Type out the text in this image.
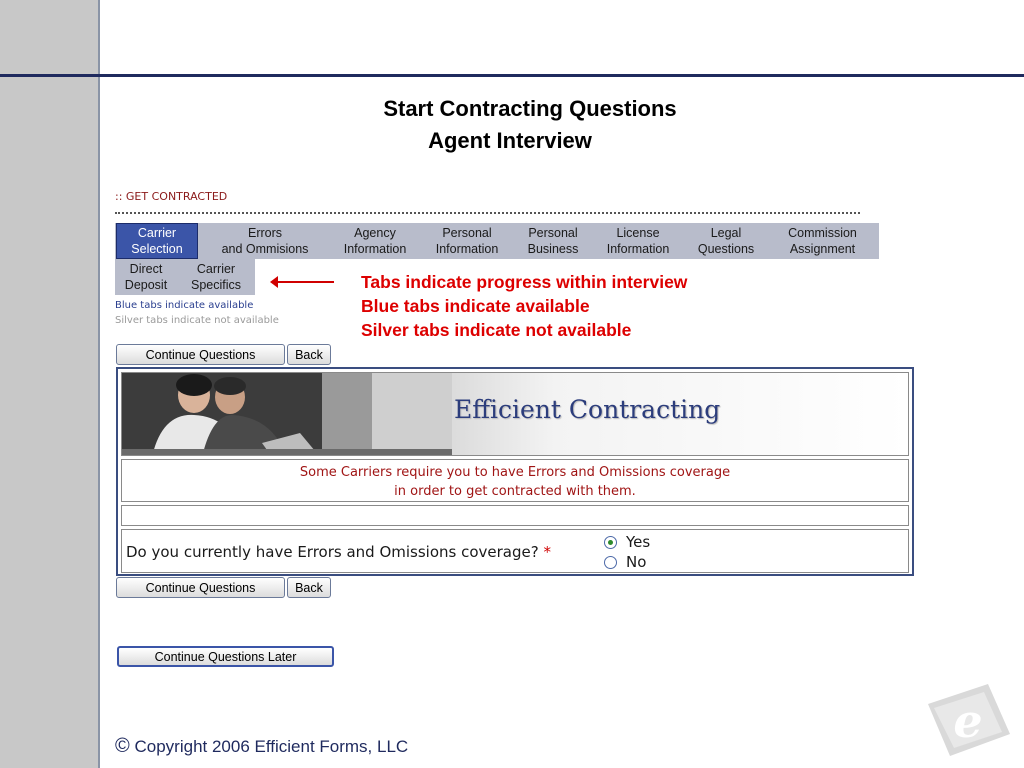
Start Contracting Questions
Agent Interview
:: GET CONTRACTED
Carrier
Selection
Errors
and Ommisions
Agency
Information
Personal
Information
Personal
Business
License
Information
Legal
Questions
Commission
Assignment
Direct
Deposit
Carrier
Specifics
Blue tabs indicate available
Silver tabs indicate not available
Tabs indicate progress within interview
Blue tabs indicate available
Silver tabs indicate not available
Continue Questions	Back
Efficient Contracting
Some Carriers require you to have Errors and Omissions coverage
in order to get contracted with them.
Do you currently have Errors and Omissions coverage? *
Yes
No
Continue Questions	Back
Continue Questions Later
© Copyright 2006 Efficient Forms, LLC	e
